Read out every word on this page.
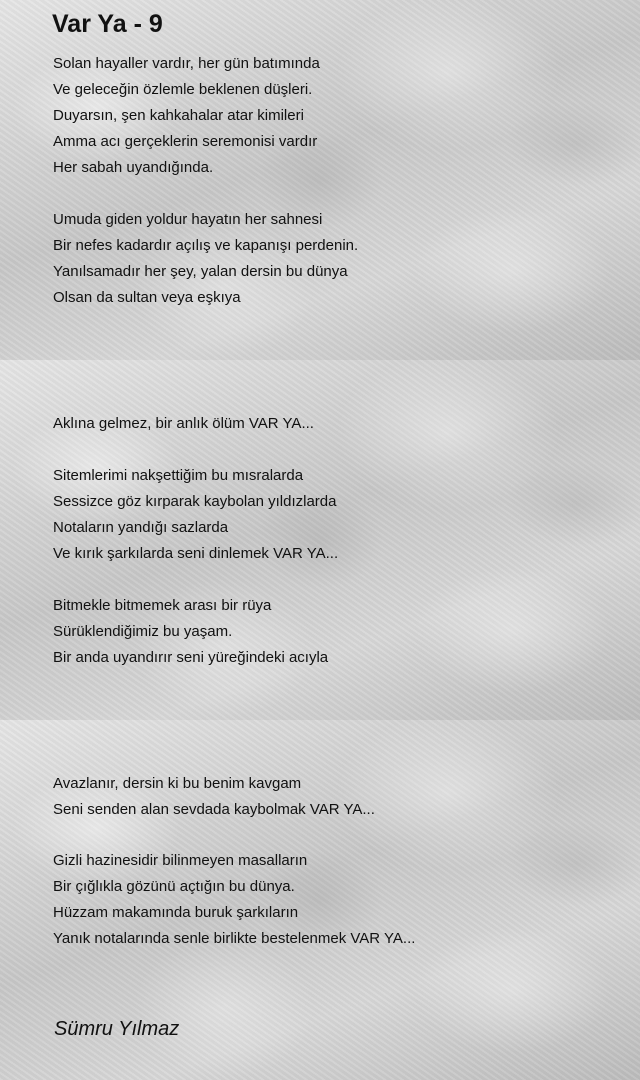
Var Ya - 9
Solan hayaller vardır, her gün batımında
Ve geleceğin özlemle beklenen düşleri.
Duyarsın, şen kahkahalar atar kimileri
Amma acı gerçeklerin seremonisi vardır
Her sabah uyandığında.
Umuda giden yoldur hayatın her sahnesi
Bir nefes kadardır açılış ve kapanışı perdenin.
Yanılsamadır her şey, yalan dersin bu dünya
Olsan da sultan veya eşkıya
Aklına gelmez, bir anlık ölüm VAR YA...
Sitemlerimi nakşettiğim bu mısralarda
Sessizce göz kırparak kaybolan yıldızlarda
Notaların yandığı sazlarda
Ve kırık şarkılarda seni dinlemek VAR YA...
Bitmekle bitmemek arası bir rüya
Sürüklendiğimiz bu yaşam.
Bir anda uyandırır seni yüreğindeki acıyla
Avazlanır, dersin ki bu benim kavgam
Seni senden alan sevdada kaybolmak VAR YA...
Gizli hazinesidir bilinmeyen masalların
Bir çığlıkla gözünü açtığın bu dünya.
Hüzzam makamında buruk şarkıların
Yanık notalarında senle birlikte bestelenmek VAR YA...
Sümru Yılmaz
